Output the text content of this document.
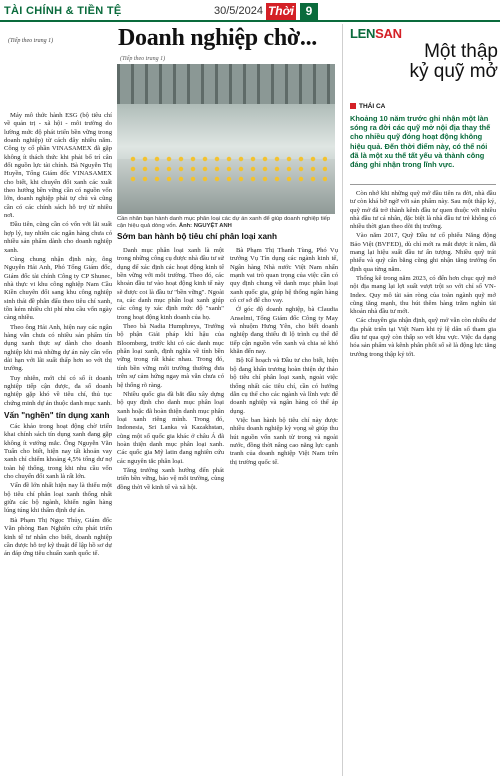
TÀI CHÍNH & TIỀN TỆ	30/5/2024 Thời 9
(Tiếp theo trang 1)	Doanh nghiệp chờ...
(Tiếp theo trang 1)
Cần nhân bạn hành danh mục phân loại các dự án xanh để giúp doanh nghiệp tiếp cận hiệu quả dòng vốn. Ảnh: NGUYỆT ANH
Sớm ban hành bộ tiêu chí phân loại xanh

Máy mô thức hành ESG (bộ tiêu chí về quản trị - xã hội - môi trường do lường mức độ phát triển bền vững trong doanh nghiệp) từ cách đây nhiều năm. Công ty cổ phần VINASAMEX đã gặp không ít thách thức khi phải bổ trí cân đối nguồn lực tài chính. Bà Nguyễn Thị Huyền, Tổng Giám đốc VINASAMEX cho biết, khi chuyển đổi xanh các xuất theo hướng bền vững cần có nguồn vốn lớn, doanh nghiệp phải tự chủ và cũng cần có các chính sách hỗ trợ từ nhiều nơi.

Đầu tiên, cũng cần có vốn với lãi suất hợp lý, tuy nhiên các ngân hàng chưa có nhiều sản phẩm dành cho doanh nghiệp xanh.

Cùng chung nhận định này, ông Nguyễn Hải Anh, Phó Tổng Giám đốc, Giám đốc tài chính Công ty CP Shunec, nhà thực vi khu công nghiệp Nam Cầu Kiền chuyên đổi sang khu công nghiệp sinh thái đề phân đấu theo tiêu chí xanh, tồn kém nhiều chi phí nhu cầu vốn ngày càng nhiều.

Theo ông Hải Anh, hiện nay các ngân hàng vẫn chưa có nhiều sản phẩm tín dụng xanh thực sự dành cho doanh nghiệp khi mà những dự án này cần vốn dài hạn với lãi suất thấp hơn so với thị trường.

Tuy nhiên, mới chỉ có số ít doanh nghiệp tiếp cận được, đa số doanh nghiệp gặp khó về tiêu chí, thủ tục chứng minh dự án thuộc danh mục xanh.

Vấn "nghẽn" tín dụng xanh

Các khảo trong hoạt động chờ triển khai chính sách tín dụng xanh đang gặp không ít vướng mắc. Ông Nguyễn Văn Tuấn cho biết, hiện nay tất khoản vay xanh chỉ chiếm khoảng 4,5% tổng dư nợ toàn hệ thống, trong khi nhu cầu vốn cho chuyển đổi xanh là rất lớn.

Vấn đề lớn nhất hiện nay là thiếu một bộ tiêu chí phân loại xanh thống nhất giữa các bộ ngành, khiến ngân hàng lúng túng khi thẩm định dự án.

Bà Phạm Thị Ngọc Thủy, Giám đốc Văn phòng Ban Nghiên cứu phát triển kinh tế tư nhân cho biết, doanh nghiệp cần được hỗ trợ kỹ thuật để lập hồ sơ dự án đáp ứng tiêu chuẩn xanh quốc tế.

Danh mục phân loại xanh là một trong những công cụ được nhà đầu tư sử dụng để xác định các hoạt động kinh tế bền vững với môi trường. Theo đó, các khoản đầu tư vào hoạt động kinh tế này sẽ được coi là đầu tư "bền vững". Ngoài ra, các danh mục phân loại xanh giúp các công ty xác định mức độ "xanh" trong hoạt động kinh doanh của họ.

Theo bà Nadia Humphreys, Trưởng bộ phận Giải pháp khí hậu của Bloomberg, trước khi có các danh mục phân loại xanh, định nghĩa về tính bền vững trong rất khác nhau. Trong đó, tính bền vững môi trường thường đưa trên sự cảm hứng ngay mà vẫn chưa có hệ thống rõ ràng.

Nhiều quốc gia đã bắt đầu xây dựng bộ quy định cho danh mục phân loại xanh hoặc đã hoàn thiện danh mục phân loại xanh riêng mình. Trong đó, Indonesia, Sri Lanka và Kazakhstan, cũng một số quốc gia khác ở châu Á đã hoàn thiện danh mục phân loại xanh. Các quốc gia Mỹ latin đang nghiên cứu các nguyên tắc phân loại.

Tăng trưởng xanh hướng đến phát triển bền vững, bảo vệ môi trường, cùng đồng thời về kinh tế và xã hội.

Bà Phạm Thị Thanh Tùng, Phó Vụ trưởng Vụ Tín dụng các ngành kinh tế, Ngân hàng Nhà nước Việt Nam nhấn mạnh vai trò quan trọng của việc cần có quy định chung về danh mục phân loại xanh quốc gia, giúp hệ thống ngân hàng có cơ sở để cho vay.

Ở góc độ doanh nghiệp, bà Claudia Anselmi, Tổng Giám đốc Công ty May và nhuộm Hưng Yên, cho biết doanh nghiệp đang thiếu đi lộ trình cụ thể để tiếp cận nguồn vốn xanh và chia sẻ khó khăn đến nay.

Bộ Kế hoạch và Đầu tư cho biết, hiện bộ đang khẩn trương hoàn thiện dự thảo bộ tiêu chí phân loại xanh, ngoài việc thống nhất các tiêu chí, cần có hướng dẫn cụ thể cho các ngành và lĩnh vực để doanh nghiệp và ngân hàng có thể áp dụng.

Việc ban hành bộ tiêu chí này được nhiều doanh nghiệp kỳ vọng sẽ giúp thu hút nguồn vốn xanh từ trong và ngoài nước, đồng thời nâng cao năng lực cạnh tranh của doanh nghiệp Việt Nam trên thị trường quốc tế.

LENSAN
Một thập kỷ quỹ mở
THÁI CA
Khoảng 10 năm trước ghi nhận một làn sóng ra đời các quỹ mở nội địa thay thế cho nhiều quỹ đóng hoạt động không hiệu quả. Đến thời điểm này, có thể nói đã là một xu thế tất yếu và thành công đáng ghi nhận trong lĩnh vực.

Còn nhớ khi những quỹ mở đầu tiên ra đời, nhà đầu tư còn khá bỡ ngỡ với sản phẩm này. Sau một thập kỷ, quỹ mở đã trở thành kênh đầu tư quen thuộc với nhiều nhà đầu tư cá nhân, đặc biệt là nhà đầu tư trẻ không có nhiều thời gian theo dõi thị trường.

Vào năm 2017, Quỹ Đầu tư cổ phiếu Năng động Bảo Việt (BVFED), dù chỉ mới ra mắt được ít năm, đã mang lại hiệu suất đầu tư ấn tượng. Nhiều quỹ trái phiếu và quỹ cân bằng cũng ghi nhận tăng trưởng ổn định qua từng năm.

Thống kê trong năm 2023, có đến hơn chục quỹ mở nội địa mang lại lợi suất vượt trội so với chỉ số VN-Index. Quy mô tài sản ròng của toàn ngành quỹ mở cũng tăng mạnh, thu hút thêm hàng trăm nghìn tài khoản nhà đầu tư mới.

Các chuyên gia nhận định, quỹ mở vẫn còn nhiều dư địa phát triển tại Việt Nam khi tỷ lệ dân số tham gia đầu tư qua quỹ còn thấp so với khu vực. Việc đa dạng hóa sản phẩm và kênh phân phối số sẽ là động lực tăng trưởng trong thập kỷ tới.
